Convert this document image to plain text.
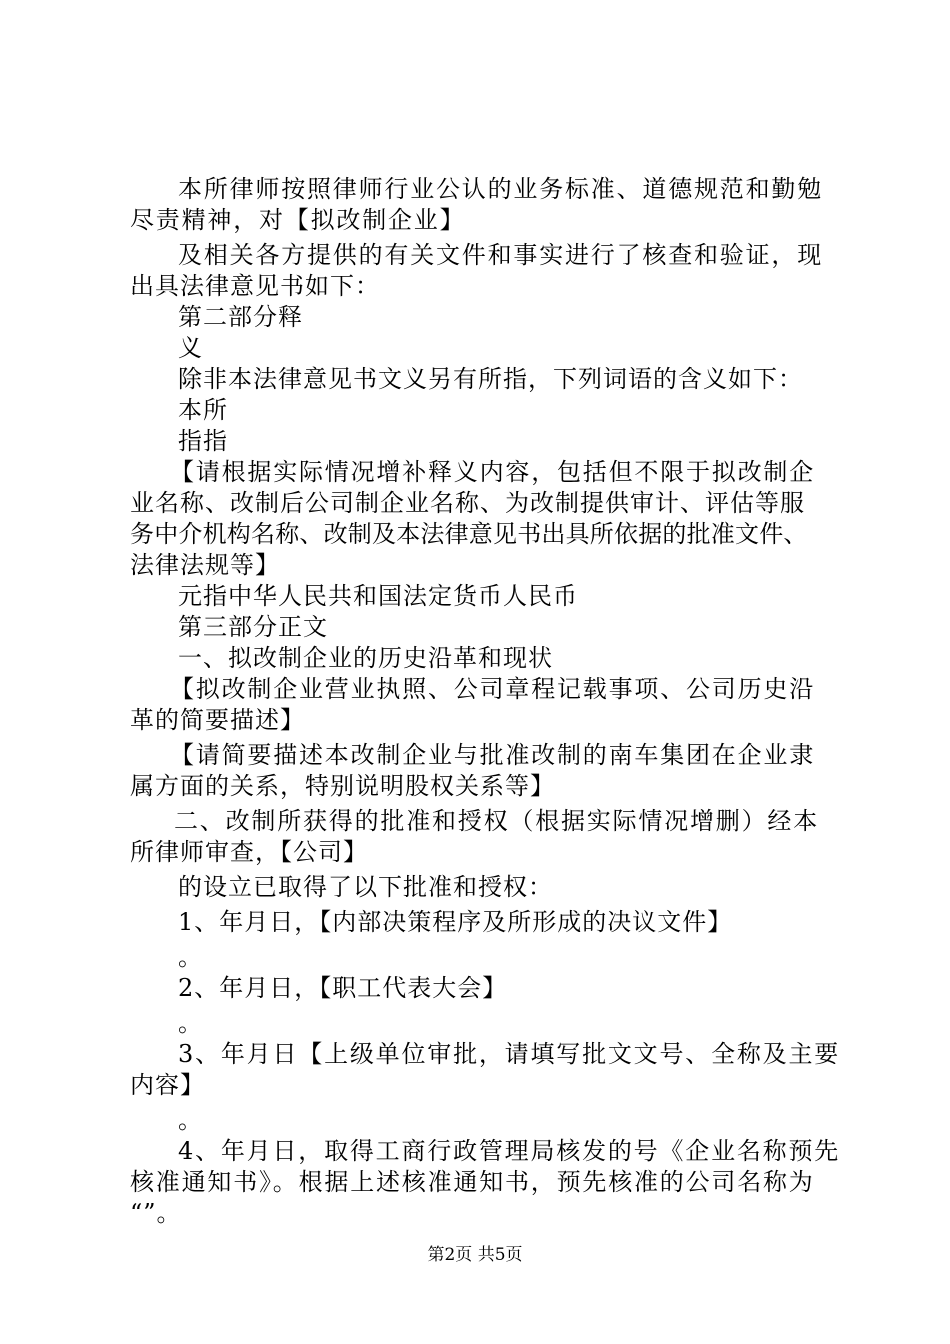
本所律师按照律师行业公认的业务标准、道德规范和勤勉
尽责精神，对【拟改制企业】
及相关各方提供的有关文件和事实进行了核查和验证，现
出具法律意见书如下：
第二部分释
义
除非本法律意见书文义另有所指，下列词语的含义如下：
本所
指指
【请根据实际情况增补释义内容，包括但不限于拟改制企
业名称、改制后公司制企业名称、为改制提供审计、评估等服
务中介机构名称、改制及本法律意见书出具所依据的批准文件、
法律法规等】
元指中华人民共和国法定货币人民币
第三部分正文
一、拟改制企业的历史沿革和现状
【拟改制企业营业执照、公司章程记载事项、公司历史沿
革的简要描述】
【请简要描述本改制企业与批准改制的南车集团在企业隶
属方面的关系，特别说明股权关系等】
二、改制所获得的批准和授权（根据实际情况增删）经本
所律师审查，【公司】
的设立已取得了以下批准和授权：
1、年月日，【内部决策程序及所形成的决议文件】
。
2、年月日，【职工代表大会】
。
3、年月日【上级单位审批，请填写批文文号、全称及主要
内容】
。
4、年月日，取得工商行政管理局核发的号《企业名称预先
核准通知书》。根据上述核准通知书，预先核准的公司名称为
“”。
第2页 共5页
